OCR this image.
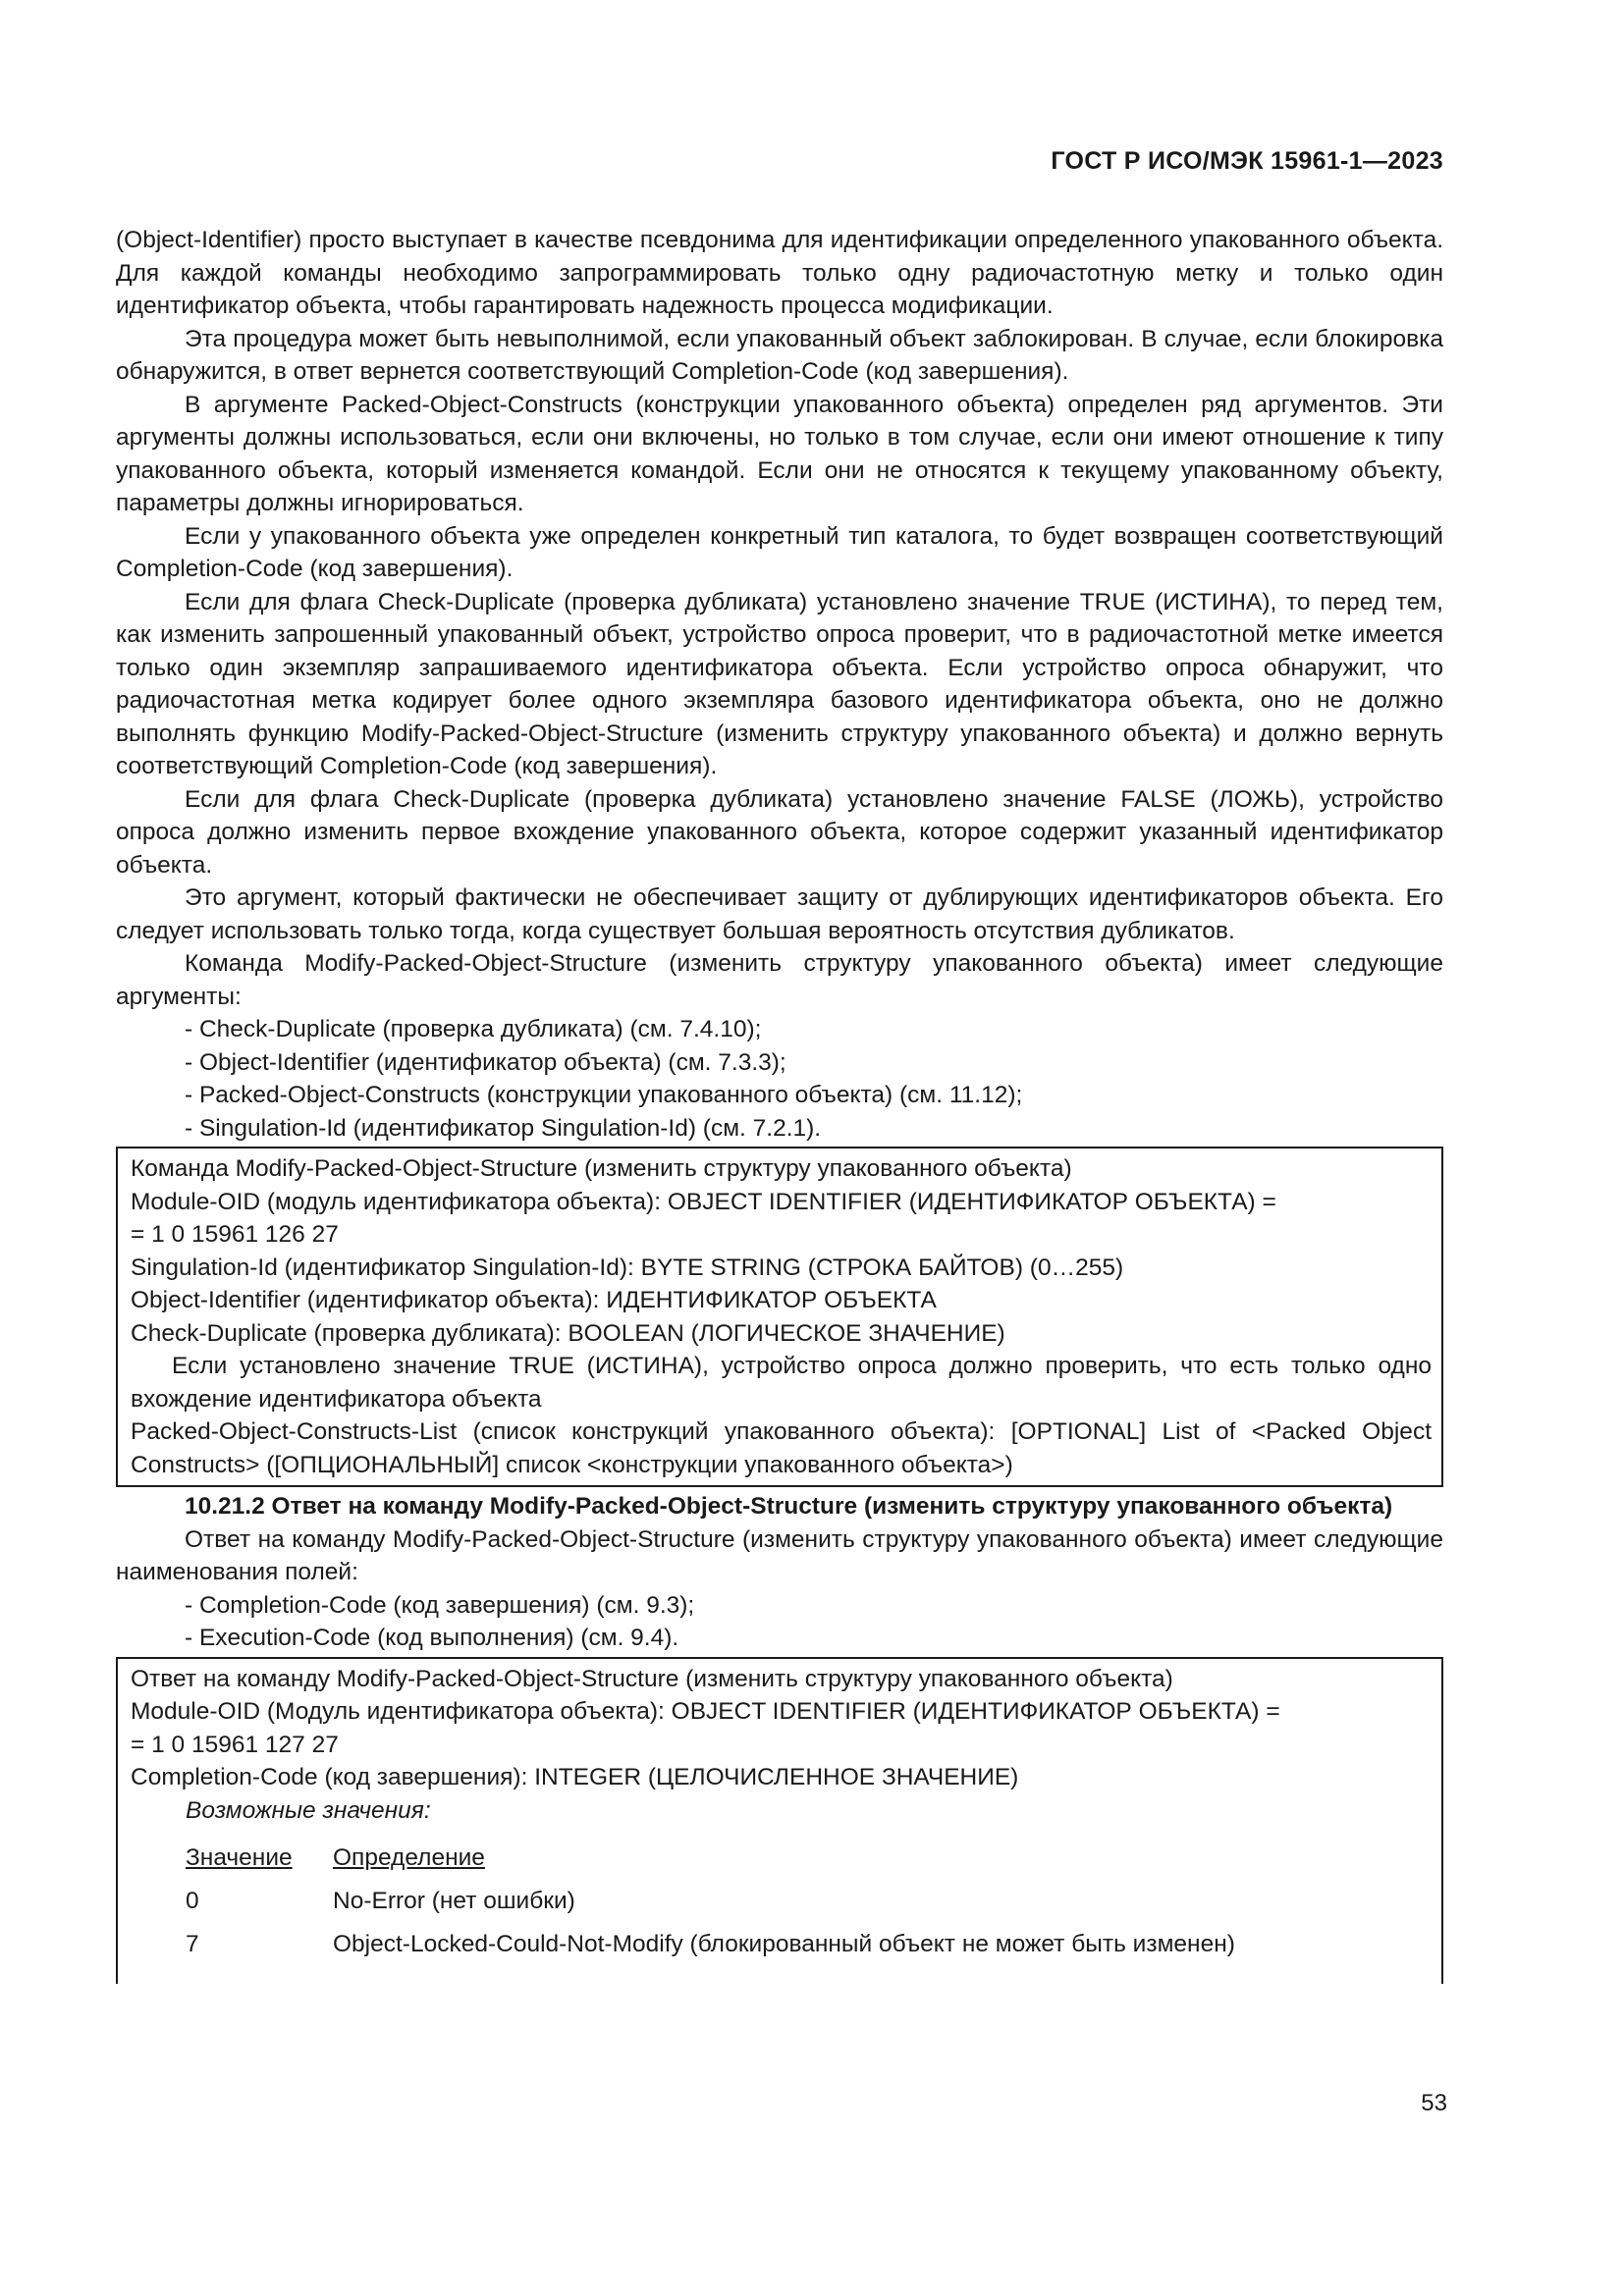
ГОСТ Р ИСО/МЭК 15961-1—2023

(Object-Identifier) просто выступает в качестве псевдонима для идентификации определенного упакованного объекта. Для каждой команды необходимо запрограммировать только одну радиочастотную метку и только один идентификатор объекта, чтобы гарантировать надежность процесса модификации.

Эта процедура может быть невыполнимой, если упакованный объект заблокирован. В случае, если блокировка обнаружится, в ответ вернется соответствующий Completion-Code (код завершения).

В аргументе Packed-Object-Constructs (конструкции упакованного объекта) определен ряд аргументов. Эти аргументы должны использоваться, если они включены, но только в том случае, если они имеют отношение к типу упакованного объекта, который изменяется командой. Если они не относятся к текущему упакованному объекту, параметры должны игнорироваться.

Если у упакованного объекта уже определен конкретный тип каталога, то будет возвращен соответствующий Completion-Code (код завершения).

Если для флага Check-Duplicate (проверка дубликата) установлено значение TRUE (ИСТИНА), то перед тем, как изменить запрошенный упакованный объект, устройство опроса проверит, что в радиочастотной метке имеется только один экземпляр запрашиваемого идентификатора объекта. Если устройство опроса обнаружит, что радиочастотная метка кодирует более одного экземпляра базового идентификатора объекта, оно не должно выполнять функцию Modify-Packed-Object-Structure (изменить структуру упакованного объекта) и должно вернуть соответствующий Completion-Code (код завершения).

Если для флага Check-Duplicate (проверка дубликата) установлено значение FALSE (ЛОЖЬ), устройство опроса должно изменить первое вхождение упакованного объекта, которое содержит указанный идентификатор объекта.

Это аргумент, который фактически не обеспечивает защиту от дублирующих идентификаторов объекта. Его следует использовать только тогда, когда существует большая вероятность отсутствия дубликатов.

Команда Modify-Packed-Object-Structure (изменить структуру упакованного объекта) имеет следующие аргументы:

- Check-Duplicate (проверка дубликата) (см. 7.4.10);

- Object-Identifier (идентификатор объекта) (см. 7.3.3);

- Packed-Object-Constructs (конструкции упакованного объекта) (см. 11.12);

- Singulation-Id (идентификатор Singulation-Id) (см. 7.2.1).

Команда Modify-Packed-Object-Structure (изменить структуру упакованного объекта)

Module-OID (модуль идентификатора объекта): OBJECT IDENTIFIER (ИДЕНТИФИКАТОР ОБЪЕКТА) =

= 1 0 15961 126 27

Singulation-Id (идентификатор Singulation-Id): BYTE STRING (СТРОКА БАЙТОВ) (0…255)

Object-Identifier (идентификатор объекта): ИДЕНТИФИКАТОР ОБЪЕКТА

Check-Duplicate (проверка дубликата): BOOLEAN (ЛОГИЧЕСКОЕ ЗНАЧЕНИЕ)

Если установлено значение TRUE (ИСТИНА), устройство опроса должно проверить, что есть только одно вхождение идентификатора объекта

Packed-Object-Constructs-List (список конструкций упакованного объекта): [OPTIONAL] List of <Packed Object Constructs> ([ОПЦИОНАЛЬНЫЙ] список <конструкции упакованного объекта>)

10.21.2 Ответ на команду Modify-Packed-Object-Structure (изменить структуру упакованного объекта)

Ответ на команду Modify-Packed-Object-Structure (изменить структуру упакованного объекта) имеет следующие наименования полей:

- Completion-Code (код завершения) (см. 9.3);

- Execution-Code (код выполнения) (см. 9.4).

Ответ на команду Modify-Packed-Object-Structure (изменить структуру упакованного объекта)

Module-OID (Модуль идентификатора объекта): OBJECT IDENTIFIER (ИДЕНТИФИКАТОР ОБЪЕКТА) =

= 1 0 15961 127 27

Completion-Code (код завершения): INTEGER (ЦЕЛОЧИСЛЕННОЕ ЗНАЧЕНИЕ)

Возможные значения:

Значение	Определение
0	No-Error (нет ошибки)
7	Object-Locked-Could-Not-Modify (блокированный объект не может быть изменен)
53
